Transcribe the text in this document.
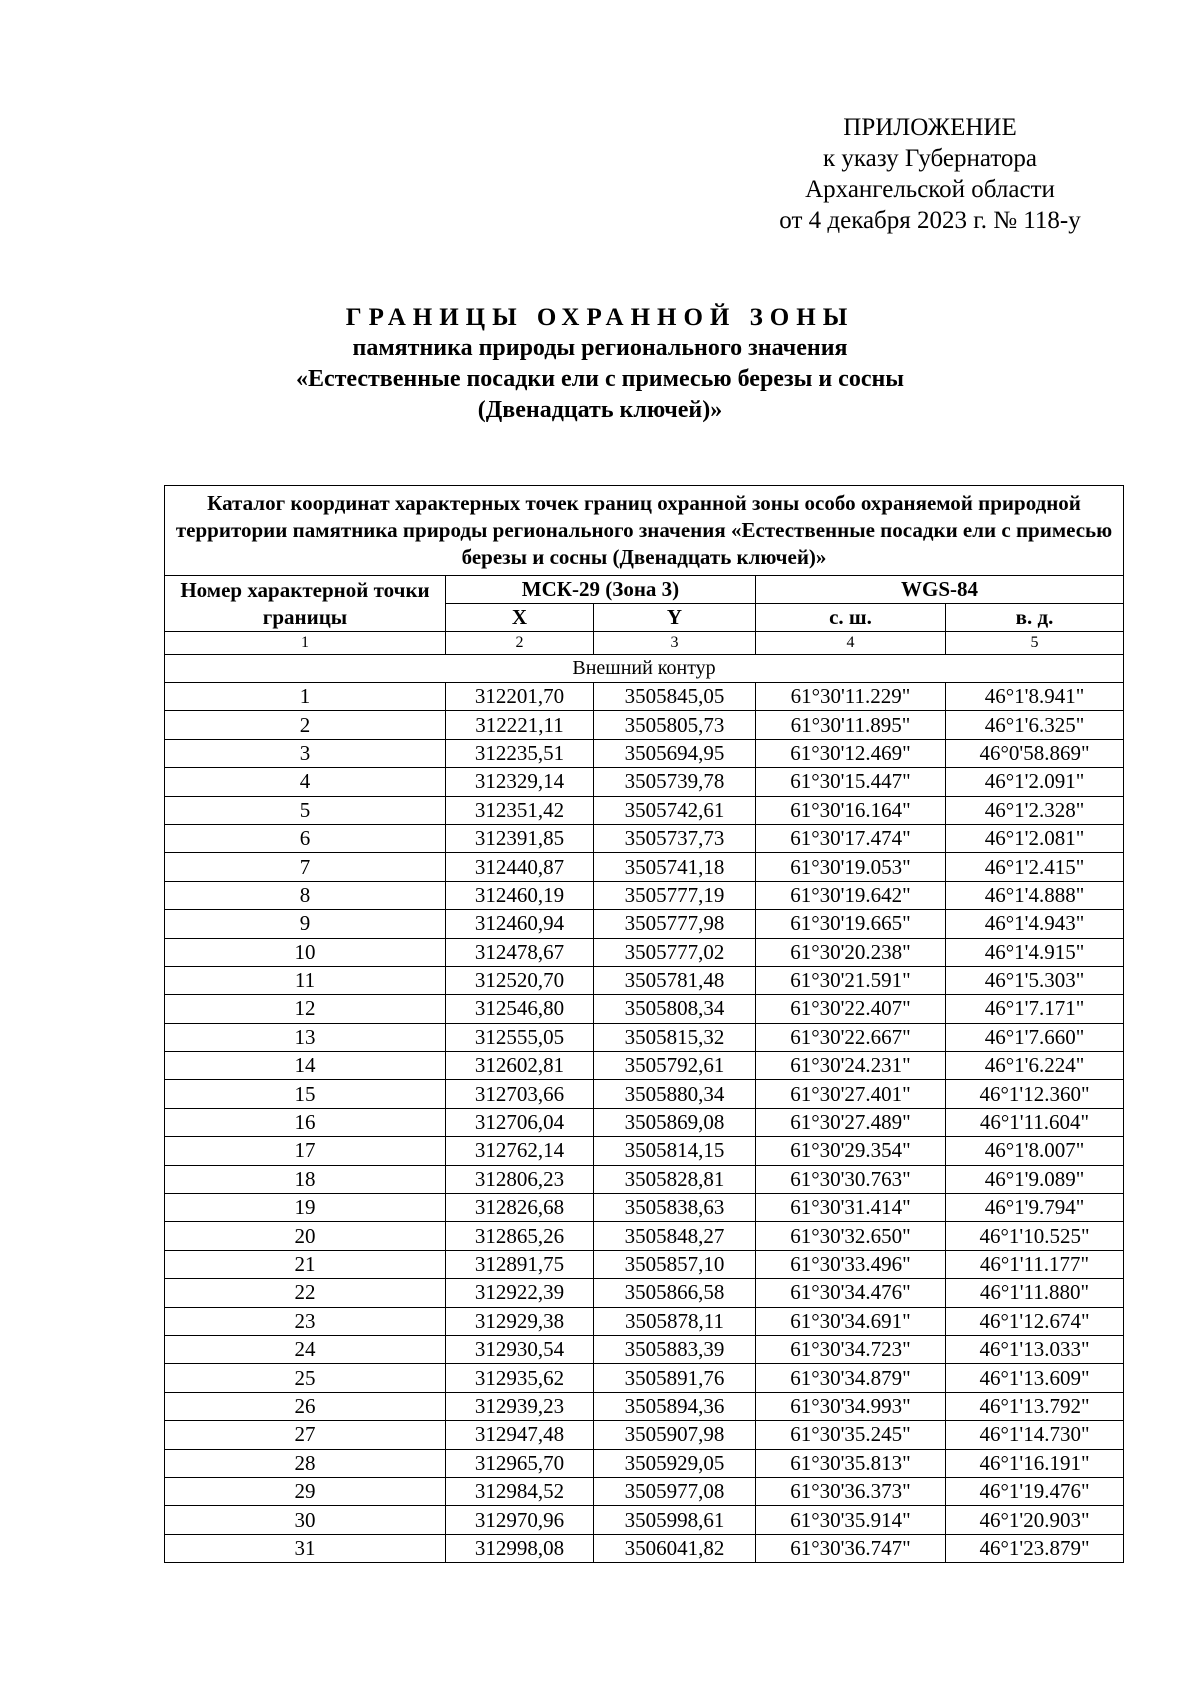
ПРИЛОЖЕНИЕ
к указу Губернатора
Архангельской области
от 4 декабря 2023 г. № 118-у
ГРАНИЦЫ ОХРАННОЙ ЗОНЫ
памятника природы регионального значения
«Естественные посадки ели с примесью березы и сосны
(Двенадцать ключей)»
Каталог координат характерных точек границ охранной зоны особо охраняемой природной территории памятника природы регионального значения «Естественные посадки ели с примесью березы и сосны (Двенадцать ключей)»				
Номер характерной точки границы	МСК-29 (Зона 3)		WGS-84	
	X	Y	с. ш.	в. д.
1	2	3	4	5
Внешний контур				
1	312201,70	3505845,05	61°30'11.229"	46°1'8.941"
2	312221,11	3505805,73	61°30'11.895"	46°1'6.325"
3	312235,51	3505694,95	61°30'12.469"	46°0'58.869"
4	312329,14	3505739,78	61°30'15.447"	46°1'2.091"
5	312351,42	3505742,61	61°30'16.164"	46°1'2.328"
6	312391,85	3505737,73	61°30'17.474"	46°1'2.081"
7	312440,87	3505741,18	61°30'19.053"	46°1'2.415"
8	312460,19	3505777,19	61°30'19.642"	46°1'4.888"
9	312460,94	3505777,98	61°30'19.665"	46°1'4.943"
10	312478,67	3505777,02	61°30'20.238"	46°1'4.915"
11	312520,70	3505781,48	61°30'21.591"	46°1'5.303"
12	312546,80	3505808,34	61°30'22.407"	46°1'7.171"
13	312555,05	3505815,32	61°30'22.667"	46°1'7.660"
14	312602,81	3505792,61	61°30'24.231"	46°1'6.224"
15	312703,66	3505880,34	61°30'27.401"	46°1'12.360"
16	312706,04	3505869,08	61°30'27.489"	46°1'11.604"
17	312762,14	3505814,15	61°30'29.354"	46°1'8.007"
18	312806,23	3505828,81	61°30'30.763"	46°1'9.089"
19	312826,68	3505838,63	61°30'31.414"	46°1'9.794"
20	312865,26	3505848,27	61°30'32.650"	46°1'10.525"
21	312891,75	3505857,10	61°30'33.496"	46°1'11.177"
22	312922,39	3505866,58	61°30'34.476"	46°1'11.880"
23	312929,38	3505878,11	61°30'34.691"	46°1'12.674"
24	312930,54	3505883,39	61°30'34.723"	46°1'13.033"
25	312935,62	3505891,76	61°30'34.879"	46°1'13.609"
26	312939,23	3505894,36	61°30'34.993"	46°1'13.792"
27	312947,48	3505907,98	61°30'35.245"	46°1'14.730"
28	312965,70	3505929,05	61°30'35.813"	46°1'16.191"
29	312984,52	3505977,08	61°30'36.373"	46°1'19.476"
30	312970,96	3505998,61	61°30'35.914"	46°1'20.903"
31	312998,08	3506041,82	61°30'36.747"	46°1'23.879"
